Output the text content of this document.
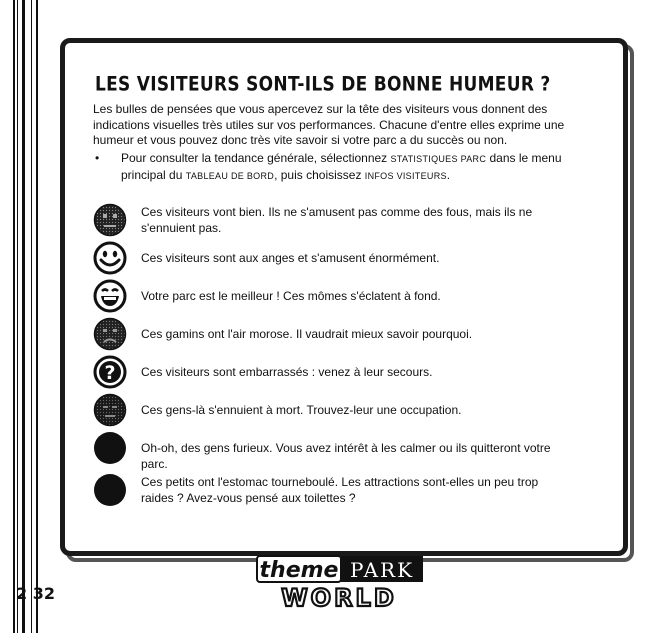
LES VISITEURS SONT-ILS DE BONNE HUMEUR ?

Les bulles de pensées que vous apercevez sur la tête des visiteurs vous donnent des indications visuelles très utiles sur vos performances. Chacune d'entre elles exprime une humeur et vous pouvez donc très vite savoir si votre parc a du succès ou non.

• Pour consulter la tendance générale, sélectionnez STATISTIQUES PARC dans le menu principal du TABLEAU DE BORD, puis choisissez INFOS VISITEURS.
Ces visiteurs vont bien. Ils ne s'amusent pas comme des fous, mais ils ne s'ennuient pas.
Ces visiteurs sont aux anges et s'amusent énormément.
Votre parc est le meilleur ! Ces mômes s'éclatent à fond.
Ces gamins ont l'air morose. Il vaudrait mieux savoir pourquoi.
? Ces visiteurs sont embarrassés : venez à leur secours.
Ces gens-là s'ennuient à mort. Trouvez-leur une occupation.
Oh-oh, des gens furieux. Vous avez intérêt à les calmer ou ils quitteront votre parc.
Ces petits ont l'estomac tourneboulé. Les attractions sont-elles un peu trop raides ? Avez-vous pensé aux toilettes ?
theme PARK
WORLD
2 32
